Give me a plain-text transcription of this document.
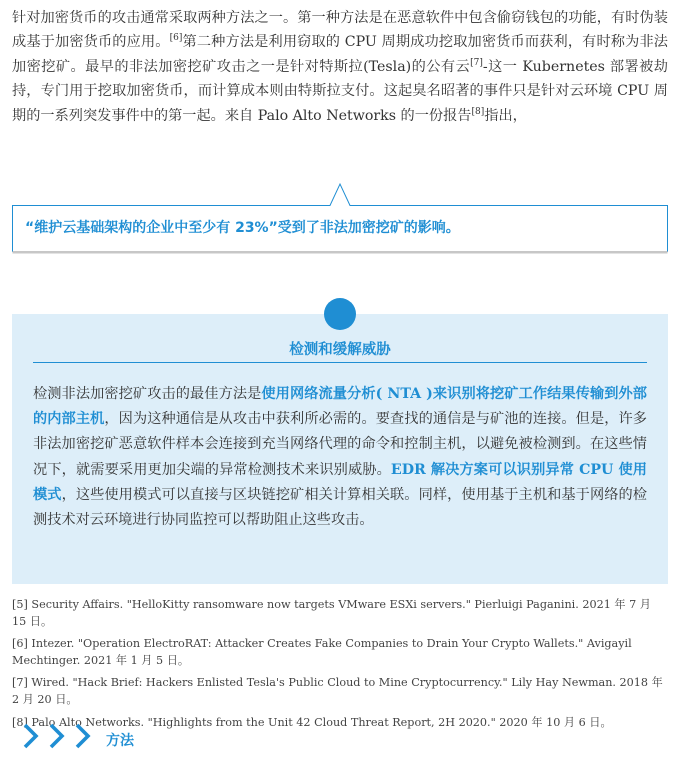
针对加密货币的攻击通常采取两种方法之一。第一种方法是在恶意软件中包含偷窃钱包的功能，有时伪装成基于加密货币的应用。[6]第二种方法是利用窃取的 CPU 周期成功挖取加密货币而获利，有时称为非法加密挖矿。最早的非法加密挖矿攻击之一是针对特斯拉(Tesla)的公有云[7]-这一 Kubernetes 部署被劫持，专门用于挖取加密货币，而计算成本则由特斯拉支付。这起臭名昭著的事件只是针对云环境 CPU 周期的一系列突发事件中的第一起。来自 Palo Alto Networks 的一份报告[8]指出，

“维护云基础架构的企业中至少有 23%”受到了非法加密挖矿的影响。
检测和缓解威胁

检测非法加密挖矿攻击的最佳方法是使用网络流量分析( NTA )来识别将挖矿工作结果传输到外部的内部主机，因为这种通信是从攻击中获利所必需的。要查找的通信是与矿池的连接。但是，许多非法加密挖矿恶意软件样本会连接到充当网络代理的命令和控制主机，以避免被检测到。在这些情况下，就需要采用更加尖端的异常检测技术来识别威胁。EDR 解决方案可以识别异常 CPU 使用模式，这些使用模式可以直接与区块链挖矿相关计算相关联。同样，使用基于主机和基于网络的检测技术对云环境进行协同监控可以帮助阻止这些攻击。

[5] Security Affairs. "HelloKitty ransomware now targets VMware ESXi servers." Pierluigi Paganini. 2021 年 7 月 15 日。
[6] Intezer. "Operation ElectroRAT: Attacker Creates Fake Companies to Drain Your Crypto Wallets." Avigayil Mechtinger. 2021 年 1 月 5 日。
[7] Wired. "Hack Brief: Hackers Enlisted Tesla's Public Cloud to Mine Cryptocurrency." Lily Hay Newman. 2018 年 2 月 20 日。
[8] Palo Alto Networks. "Highlights from the Unit 42 Cloud Threat Report, 2H 2020." 2020 年 10 月 6 日。
方法
